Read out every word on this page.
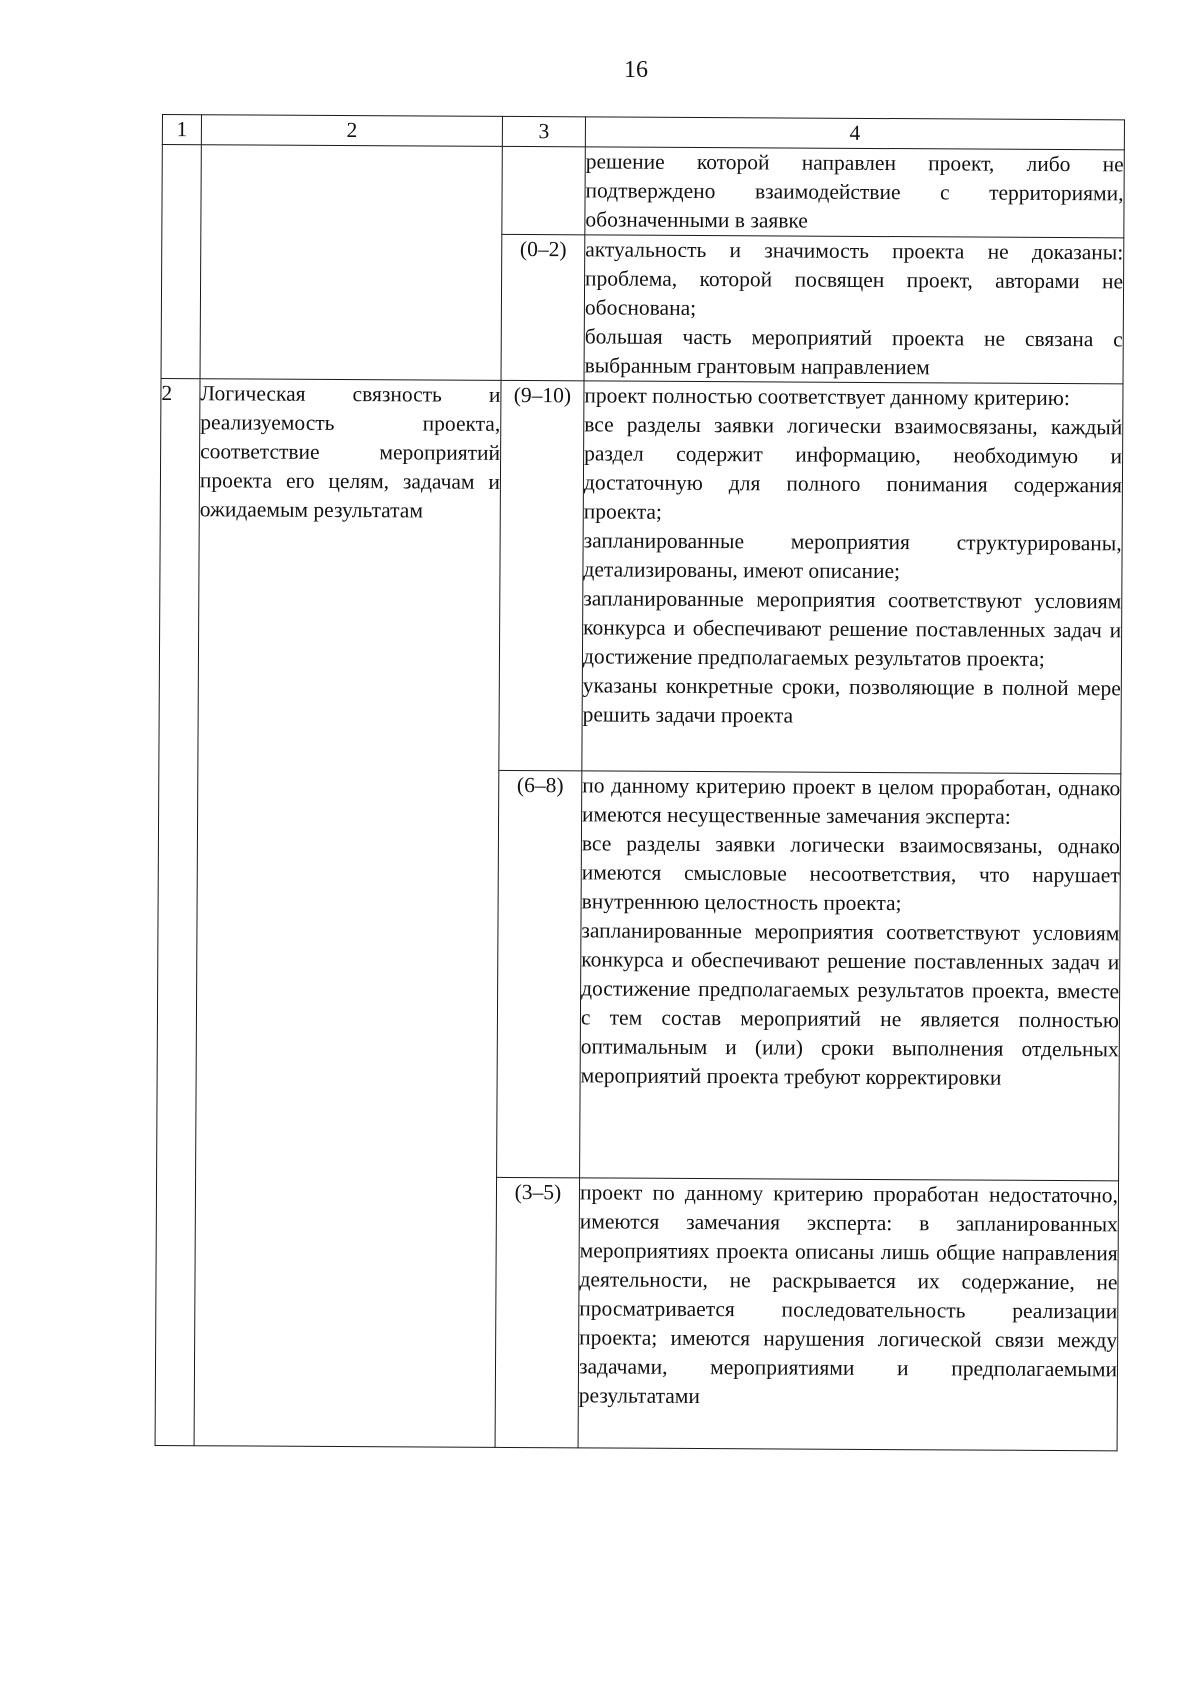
16
1	2	3	4

			решение которой направлен проект, либо не подтверждено взаимодействие с территориями, обозначенными в заявке

		(0–2)	актуальность и значимость проекта не доказаны: проблема, которой посвящен проект, авторами не обоснована;

большая часть мероприятий проекта не связана с выбранным грантовым направлением

2	Логическая связность и реализуемость проекта, соответствие мероприятий проекта его целям, задачам и ожидаемым результатам	(9–10)	проект полностью соответствует данному критерию:

все разделы заявки логически взаимосвязаны, каждый раздел содержит информацию, необходимую и достаточную для полного понимания содержания проекта;

запланированные мероприятия структурированы, детализированы, имеют описание;

запланированные мероприятия соответствуют условиям конкурса и обеспечивают решение поставленных задач и достижение предполагаемых результатов проекта;

указаны конкретные сроки, позволяющие в полной мере решить задачи проекта

		(6–8)	по данному критерию проект в целом проработан, однако имеются несущественные замечания эксперта:

все разделы заявки логически взаимосвязаны, однако имеются смысловые несоответствия, что нарушает внутреннюю целостность проекта;

запланированные мероприятия соответствуют условиям конкурса и обеспечивают решение поставленных задач и достижение предполагаемых результатов проекта, вместе с тем состав мероприятий не является полностью оптимальным и (или) сроки выполнения отдельных мероприятий проекта требуют корректировки

		(3–5)	проект по данному критерию проработан недостаточно, имеются замечания эксперта: в запланированных мероприятиях проекта описаны лишь общие направления деятельности, не раскрывается их содержание, не просматривается последовательность реализации проекта; имеются нарушения логической связи между задачами, мероприятиями и предполагаемыми результатами
